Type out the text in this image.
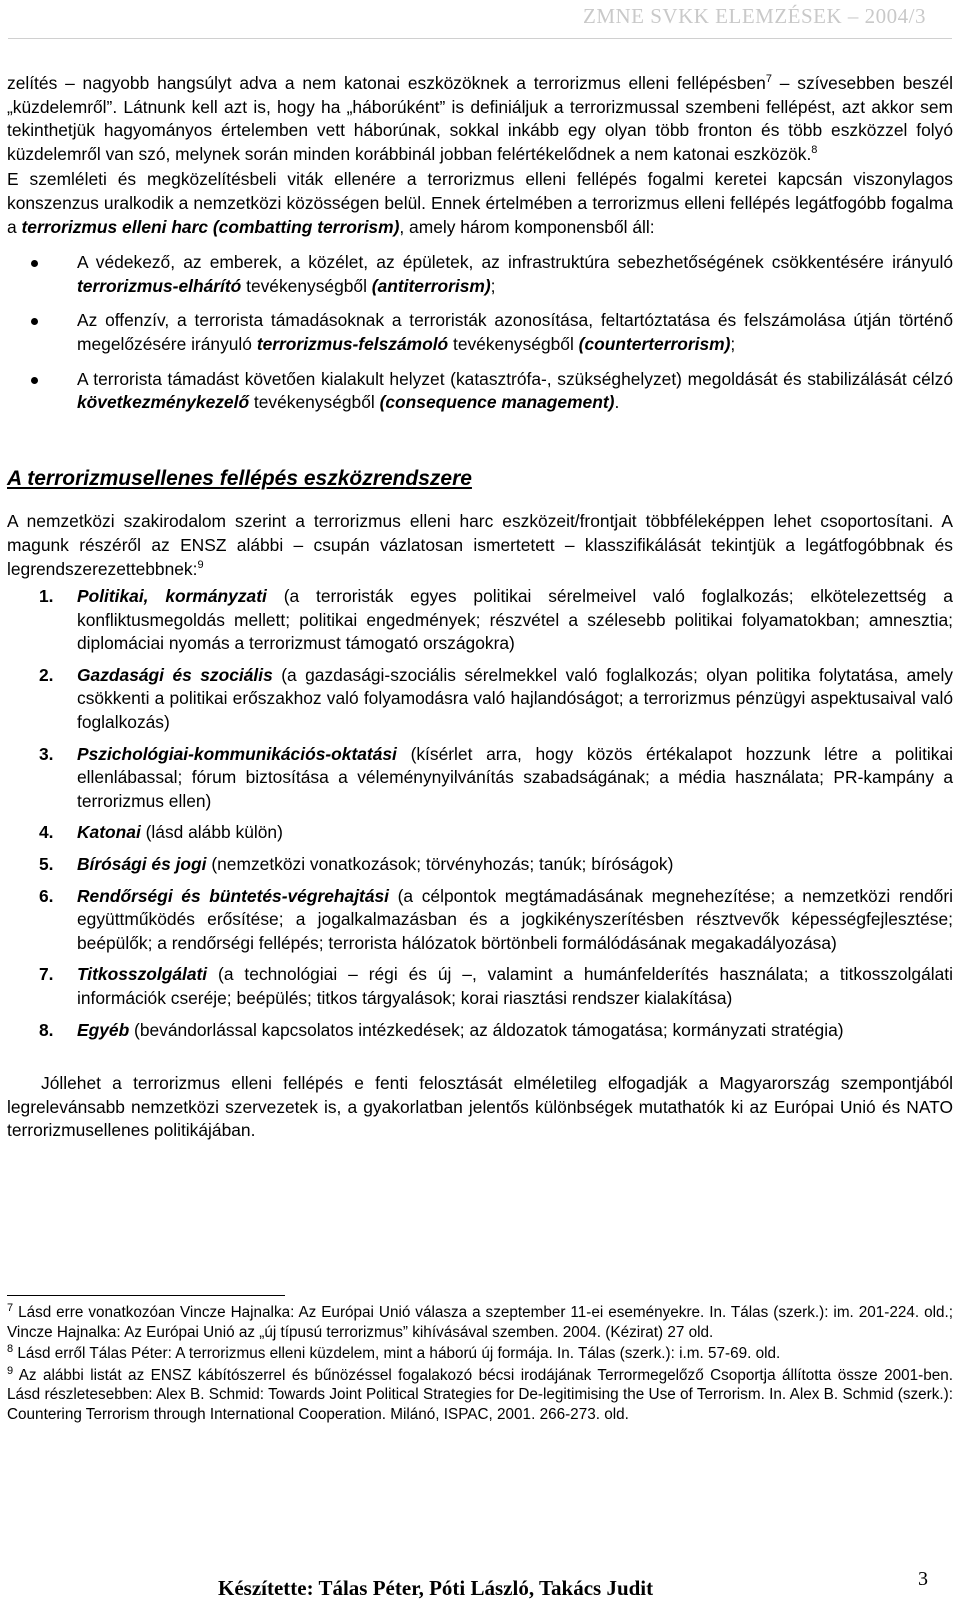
ZMNE SVKK ELEMZÉSEK – 2004/3

zelítés – nagyobb hangsúlyt adva a nem katonai eszközöknek a terrorizmus elleni fellépésben$^7$ – szívesebben beszél „küzdelemről”. Látnunk kell azt is, hogy ha „háborúként” is definiáljuk a terrorizmussal szembeni fellépést, azt akkor sem tekinthetjük hagyományos értelemben vett háborúnak, sokkal inkább egy olyan több fronton és több eszközzel folyó küzdelemről van szó, melynek során minden korábbinál jobban felértékelődnek a nem katonai eszközök.$^8$

E szemléleti és megközelítésbeli viták ellenére a terrorizmus elleni fellépés fogalmi keretei kapcsán viszonylagos konszenzus uralkodik a nemzetközi közösségen belül. Ennek értelmében a terrorizmus elleni fellépés legátfogóbb fogalma a terrorizmus elleni harc (combatting terrorism), amely három komponensből áll:

A védekező, az emberek, a közélet, az épületek, az infrastruktúra sebezhetőségének csökkentésére irányuló terrorizmus-elhárító tevékenységből (antiterrorism);
Az offenzív, a terrorista támadásoknak a terroristák azonosítása, feltartóztatása és felszámolása útján történő megelőzésére irányuló terrorizmus-felszámoló tevékenységből (counterterrorism);
A terrorista támadást követően kialakult helyzet (katasztrófa-, szükséghelyzet) megoldását és stabilizálását célzó következménykezelő tevékenységből (consequence management).
A terrorizmusellenes fellépés eszközrendszere

A nemzetközi szakirodalom szerint a terrorizmus elleni harc eszközeit/frontjait többféleképpen lehet csoportosítani. A magunk részéről az ENSZ alábbi – csupán vázlatosan ismertetett – klasszifikálását tekintjük a legátfogóbbnak és legrendszerezettebbnek:$^9$

1. Politikai, kormányzati (a terroristák egyes politikai sérelmeivel való foglalkozás; elkötelezettség a konfliktusmegoldás mellett; politikai engedmények; részvétel a szélesebb politikai folyamatokban; amnesztia; diplomáciai nyomás a terrorizmust támogató országokra)
2. Gazdasági és szociális (a gazdasági-szociális sérelmekkel való foglalkozás; olyan politika folytatása, amely csökkenti a politikai erőszakhoz való folyamodásra való hajlandóságot; a terrorizmus pénzügyi aspektusaival való foglalkozás)
3. Pszichológiai-kommunikációs-oktatási (kísérlet arra, hogy közös értékalapot hozzunk létre a politikai ellenlábassal; fórum biztosítása a véleménynyilvánítás szabadságának; a média használata; PR-kampány a terrorizmus ellen)
4. Katonai (lásd alább külön)
5. Bírósági és jogi (nemzetközi vonatkozások; törvényhozás; tanúk; bíróságok)
6. Rendőrségi és büntetés-végrehajtási (a célpontok megtámadásának megnehezítése; a nemzetközi rendőri együttműködés erősítése; a jogalkalmazásban és a jogkikényszerítésben résztvevők képességfejlesztése; beépülők; a rendőrségi fellépés; terrorista hálózatok börtönbeli formálódásának megakadályozása)
7. Titkosszolgálati (a technológiai – régi és új –, valamint a humánfelderítés használata; a titkosszolgálati információk cseréje; beépülés; titkos tárgyalások; korai riasztási rendszer kialakítása)
8. Egyéb (bevándorlással kapcsolatos intézkedések; az áldozatok támogatása; kormányzati stratégia)

Jóllehet a terrorizmus elleni fellépés e fenti felosztását elméletileg elfogadják a Magyarország szempontjából legrelevánsabb nemzetközi szervezetek is, a gyakorlatban jelentős különbségek mutathatók ki az Európai Unió és NATO terrorizmusellenes politikájában.

$^7$ Lásd erre vonatkozóan Vincze Hajnalka: Az Európai Unió válasza a szeptember 11-ei eseményekre. In. Tálas (szerk.): im. 201-224. old.; Vincze Hajnalka: Az Európai Unió az „új típusú terrorizmus” kihívásával szemben. 2004. (Kézirat) 27 old.

$^8$ Lásd erről Tálas Péter: A terrorizmus elleni küzdelem, mint a háború új formája. In. Tálas (szerk.): i.m. 57-69. old.

$^9$ Az alábbi listát az ENSZ kábítószerrel és bűnözéssel fogalakozó bécsi irodájának Terrormegelőző Csoportja állította össze 2001-ben. Lásd részletesebben: Alex B. Schmid: Towards Joint Political Strategies for De-legitimising the Use of Terrorism. In. Alex B. Schmid (szerk.): Countering Terrorism through International Cooperation. Milánó, ISPAC, 2001. 266-273. old.

Készítette: Tálas Péter, Póti László, Takács Judit	3
